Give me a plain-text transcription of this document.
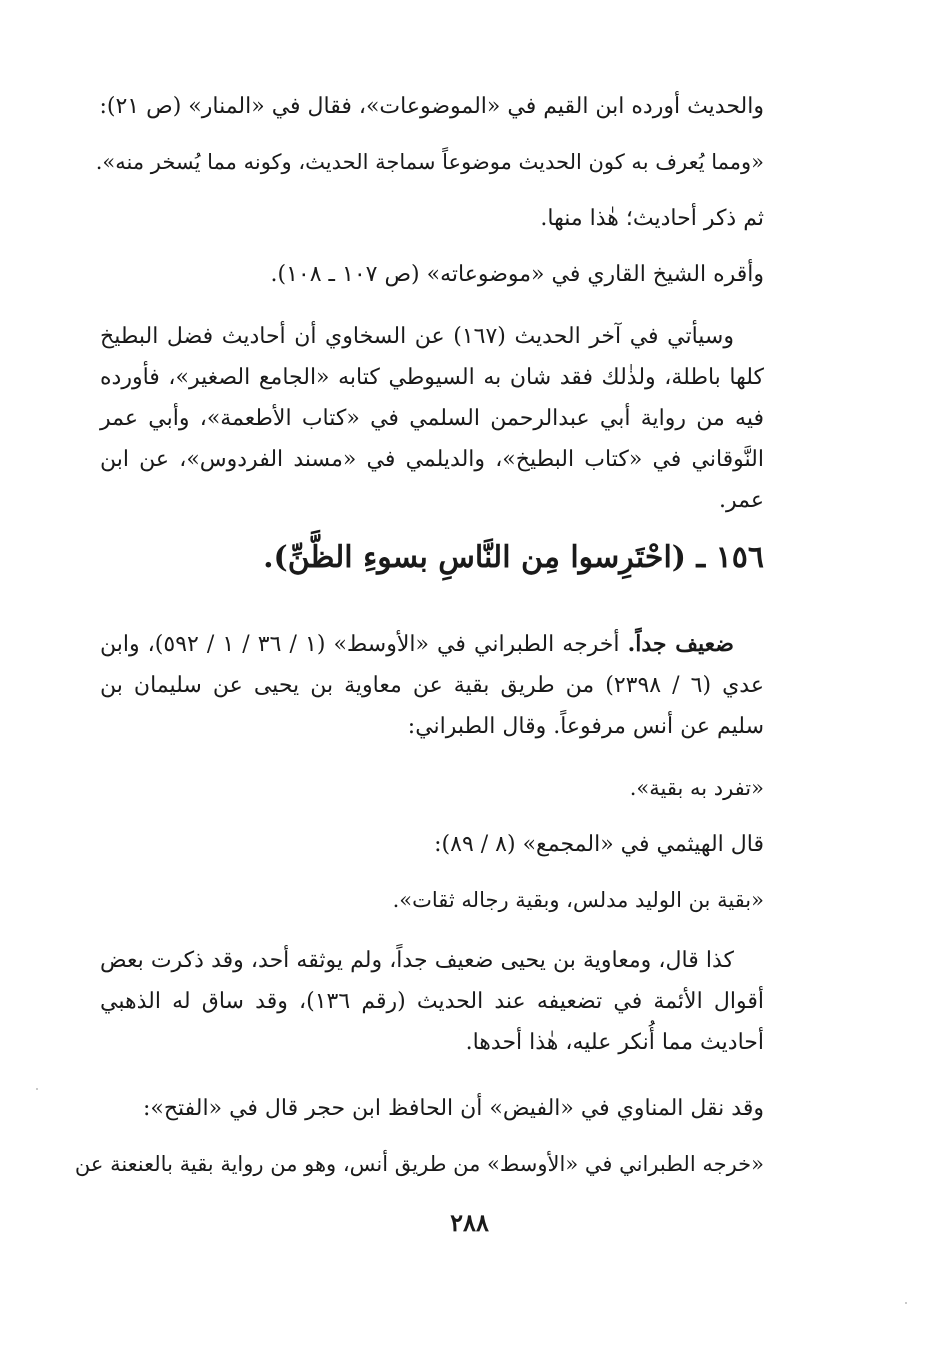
والحديث أورده ابن القيم في «الموضوعات»، فقال في «المنار» (ص ٢١):
«ومما يُعرف به كون الحديث موضوعاً سماجة الحديث، وكونه مما يُسخر منه».
ثم ذكر أحاديث؛ هٰذا منها.
وأقره الشيخ القاري في «موضوعاته» (ص ١٠٧ ـ ١٠٨).
وسيأتي في آخر الحديث (١٦٧) عن السخاوي أن أحاديث فضل البطيخ كلها باطلة، ولذٰلك فقد شان به السيوطي كتابه «الجامع الصغير»، فأورده فيه من رواية أبي عبدالرحمن السلمي في «كتاب الأطعمة»، وأبي عمر النَّوقاني في «كتاب البطيخ»، والديلمي في «مسند الفردوس»، عن ابن عمر.
١٥٦ ـ (احْتَرِسوا مِن النَّاسِ بسوءِ الظَّنِّ).
ضعيف جداً. أخرجه الطبراني في «الأوسط» (١ / ٣٦ / ١ / ٥٩٢)، وابن عدي (٦ / ٢٣٩٨) من طريق بقية عن معاوية بن يحيى عن سليمان بن سليم عن أنس مرفوعاً. وقال الطبراني:
«تفرد به بقية».
قال الهيثمي في «المجمع» (٨ / ٨٩):
«بقية بن الوليد مدلس، وبقية رجاله ثقات».
كذا قال، ومعاوية بن يحيى ضعيف جداً، ولم يوثقه أحد، وقد ذكرت بعض أقوال الأئمة في تضعيفه عند الحديث (رقم ١٣٦)، وقد ساق له الذهبي أحاديث مما أُنكر عليه، هٰذا أحدها.
وقد نقل المناوي في «الفيض» أن الحافظ ابن حجر قال في «الفتح»:
«خرجه الطبراني في «الأوسط» من طريق أنس، وهو من رواية بقية بالعنعنة عن
٢٨٨
